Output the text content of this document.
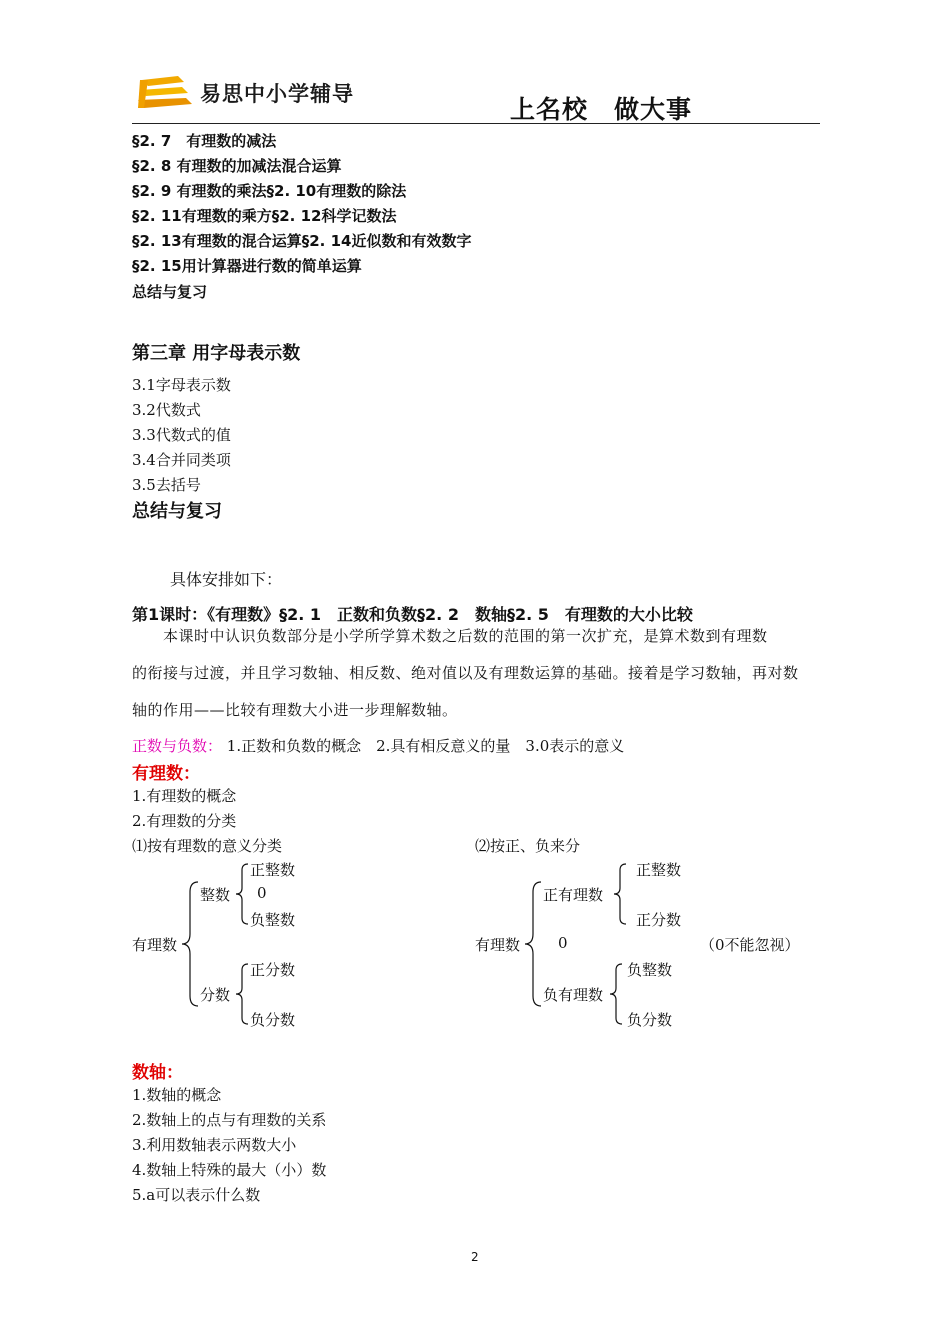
易思中小学辅导
上名校　做大事
§2. 7　有理数的减法
§2. 8 有理数的加减法混合运算
§2. 9 有理数的乘法§2. 10有理数的除法
§2. 11有理数的乘方§2. 12科学记数法
§2. 13有理数的混合运算§2. 14近似数和有效数字
§2. 15用计算器进行数的简单运算
总结与复习
第三章 用字母表示数
3.1字母表示数
3.2代数式
3.3代数式的值
3.4合并同类项
3.5去括号
总结与复习
具体安排如下：
第1课时：《有理数》§2. 1　正数和负数§2. 2　数轴§2. 5　有理数的大小比较
　　本课时中认识负数部分是小学所学算术数之后数的范围的第一次扩充，是算术数到有理数
的衔接与过渡，并且学习数轴、相反数、绝对值以及有理数运算的基础。接着是学习数轴，再对数
轴的作用——比较有理数大小进一步理解数轴。
正数与负数： 1.正数和负数的概念　2.具有相反意义的量　3.0表示的意义
有理数：
1.有理数的概念
2.有理数的分类
⑴按有理数的意义分类	⑵按正、负来分
有理数
整数
正整数
0
负整数
分数
正分数
负分数
有理数
正有理数
正整数
正分数
0	（0不能忽视）
负有理数
负整数
负分数
数轴：
1.数轴的概念
2.数轴上的点与有理数的关系
3.利用数轴表示两数大小
4.数轴上特殊的最大（小）数
5.a可以表示什么数
2
